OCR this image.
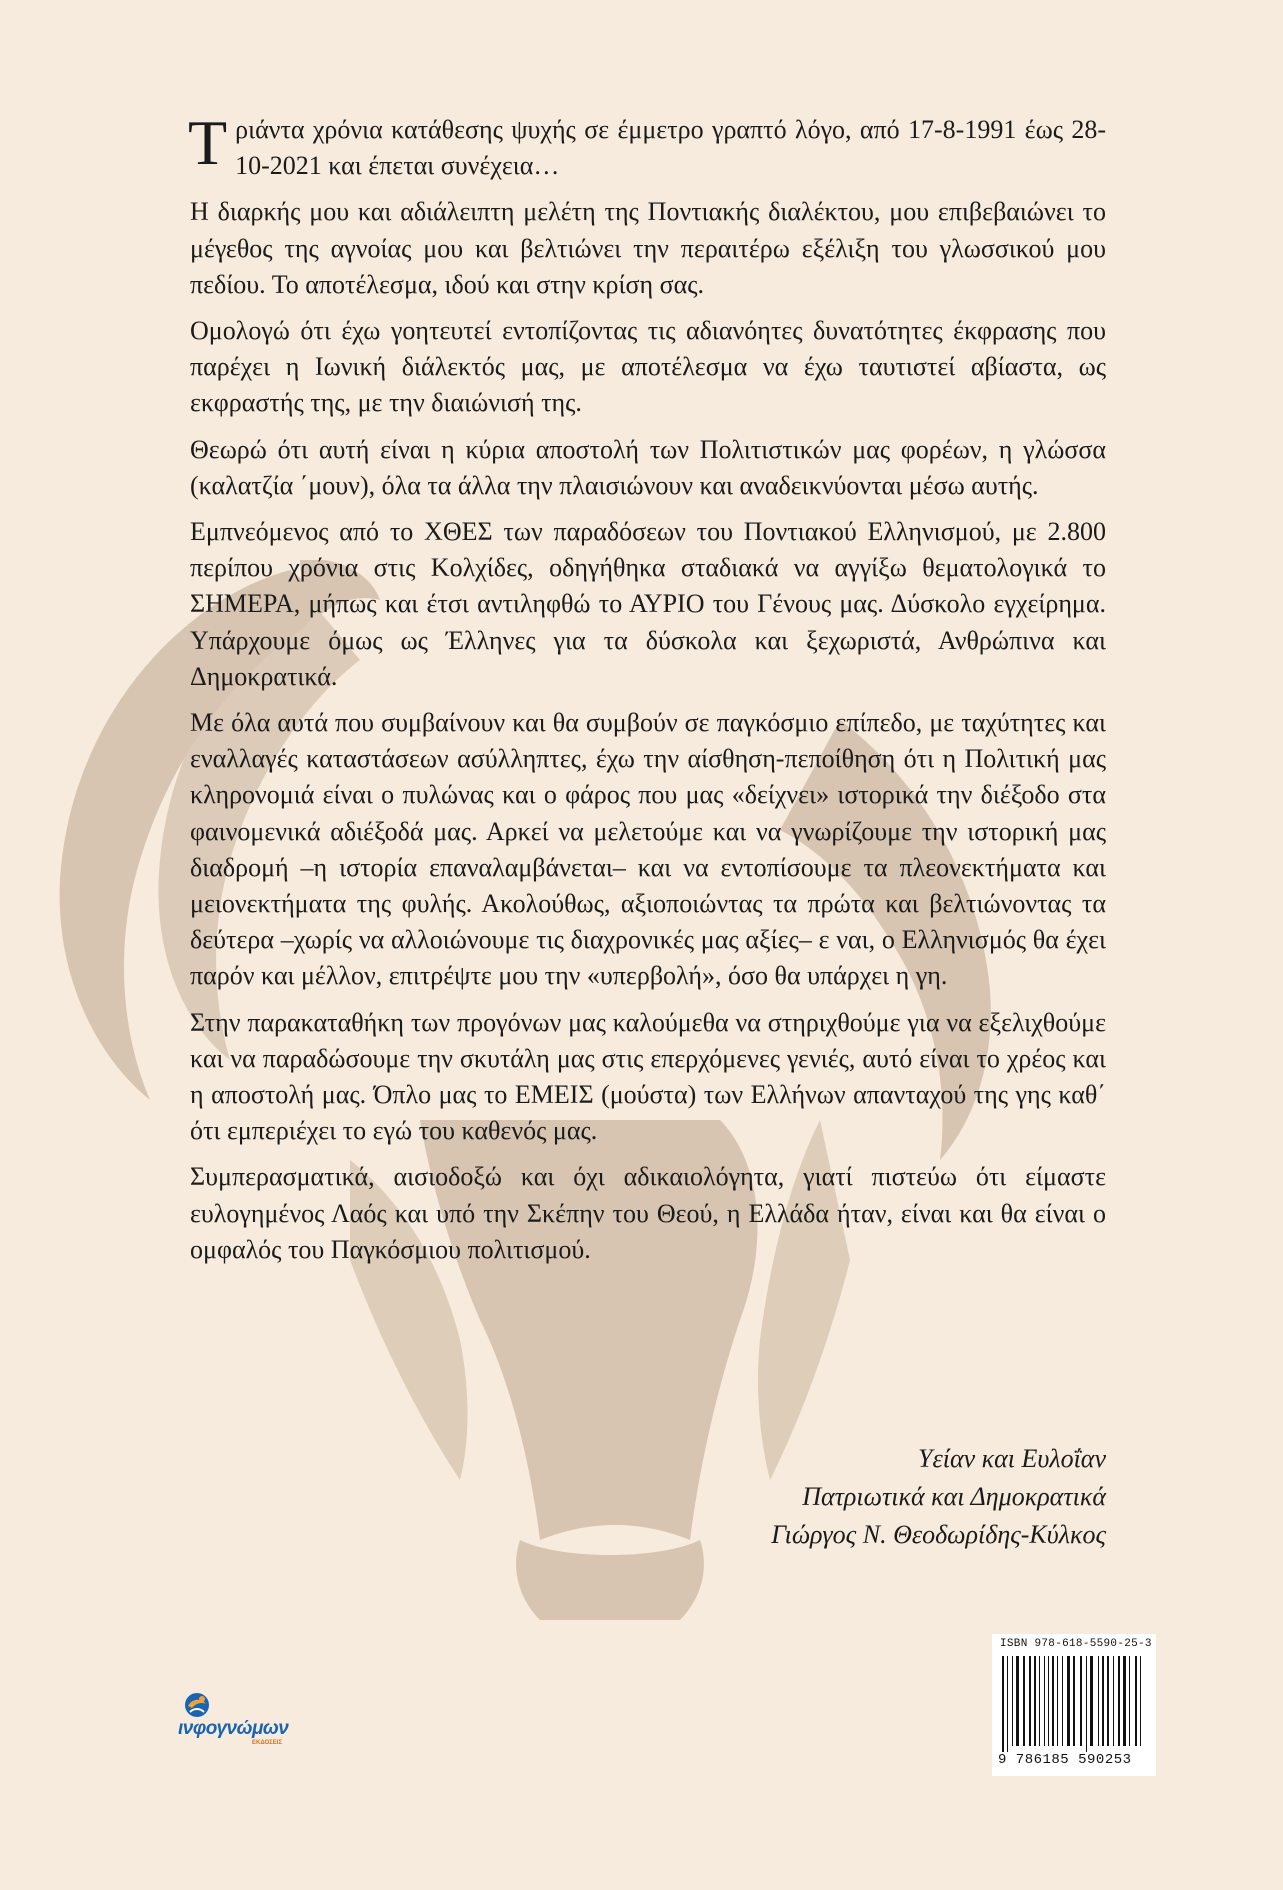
Τριάντα χρόνια κατάθεσης ψυχής σε έμμετρο γραπτό λόγο, από 17-8-1991 έως 28-10-2021 και έπεται συνέχεια…

Η διαρκής μου και αδιάλειπτη μελέτη της Ποντιακής διαλέκτου, μου επιβεβαιώνει το μέγεθος της αγνοίας μου και βελτιώνει την περαιτέρω εξέλιξη του γλωσσικού μου πεδίου. Το αποτέλεσμα, ιδού και στην κρίση σας.

Ομολογώ ότι έχω γοητευτεί εντοπίζοντας τις αδιανόητες δυνατότητες έκφρασης που παρέχει η Ιωνική διάλεκτός μας, με αποτέλεσμα να έχω ταυτιστεί αβίαστα, ως εκφραστής της, με την διαιώνισή της.

Θεωρώ ότι αυτή είναι η κύρια αποστολή των Πολιτιστικών μας φορέων, η γλώσσα (καλατζία ΄μουν), όλα τα άλλα την πλαισιώνουν και αναδεικνύονται μέσω αυτής.

Εμπνεόμενος από το ΧΘΕΣ των παραδόσεων του Ποντιακού Ελληνισμού, με 2.800 περίπου χρόνια στις Κολχίδες, οδηγήθηκα σταδιακά να αγγίξω θεματολογικά το ΣΗΜΕΡΑ, μήπως και έτσι αντιληφθώ το ΑΥΡΙΟ του Γένους μας. Δύσκολο εγχείρημα. Υπάρχουμε όμως ως Έλληνες για τα δύσκολα και ξεχωριστά, Ανθρώπινα και Δημοκρατικά.

Με όλα αυτά που συμβαίνουν και θα συμβούν σε παγκόσμιο επίπεδο, με ταχύτητες και εναλλαγές καταστάσεων ασύλληπτες, έχω την αίσθηση-πεποίθηση ότι η Πολιτική μας κληρονομιά είναι ο πυλώνας και ο φάρος που μας «δείχνει» ιστορικά την διέξοδο στα φαινομενικά αδιέξοδά μας. Αρκεί να μελετούμε και να γνωρίζουμε την ιστορική μας διαδρομή –η ιστορία επαναλαμβάνεται– και να εντοπίσουμε τα πλεονεκτήματα και μειονεκτήματα της φυλής. Ακολούθως, αξιοποιώντας τα πρώτα και βελτιώνοντας τα δεύτερα –χωρίς να αλλοιώνουμε τις διαχρονικές μας αξίες– ε ναι, ο Ελληνισμός θα έχει παρόν και μέλλον, επιτρέψτε μου την «υπερβολή», όσο θα υπάρχει η γη.

Στην παρακαταθήκη των προγόνων μας καλούμεθα να στηριχθούμε για να εξελιχθούμε και να παραδώσουμε την σκυτάλη μας στις επερχόμενες γενιές, αυτό είναι το χρέος και η αποστολή μας. Όπλο μας το ΕΜΕΙΣ (μούστα) των Ελλήνων απανταχού της γης καθ΄ ότι εμπεριέχει το εγώ του καθενός μας.

Συμπερασματικά, αισιοδοξώ και όχι αδικαιολόγητα, γιατί πιστεύω ότι είμαστε ευλογημένος Λαός και υπό την Σκέπην του Θεού, η Ελλάδα ήταν, είναι και θα είναι ο ομφαλός του Παγκόσμιου πολιτισμού.

Υείαν και Ευλοΐαν
Πατριωτικά και Δημοκρατικά
Γιώργος Ν. Θεοδωρίδης-Κύλκος
ινφογνώμων
ΕΚΔΟΣΕΙΣ
ISBN 978-618-5590-25-3
9 786185 590253
